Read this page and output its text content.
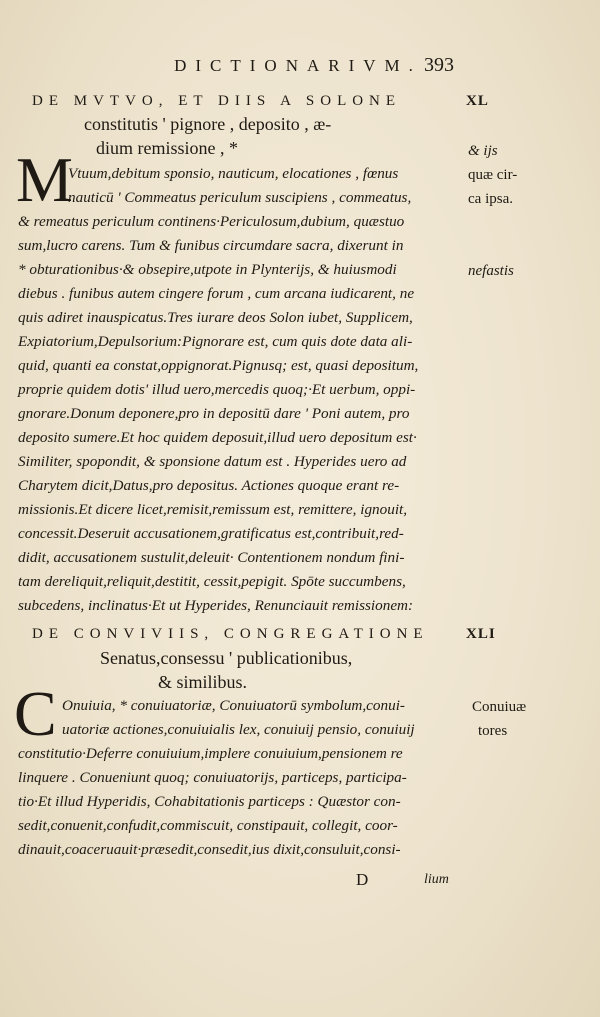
DICTIONARIVM. 393
DE MVTVO, ET DIIS A SOLONE	XL
constitutis ' pignore , deposito , æ-
dium remissione , *
M
Vtuum,debitum sponsio, nauticum, elocationes , fœnus
nauticū ' Commeatus periculum suscipiens , commeatus,
& remeatus periculum continens·Periculosum,dubium, quæstuo
sum,lucro carens. Tum & funibus circumdare sacra, dixerunt in
* obturationibus·& obsepire,utpote in Plynterijs, & huiusmodi
diebus . funibus autem cingere forum , cum arcana iudicarent, ne
quis adiret inauspicatus.Tres iurare deos Solon iubet, Supplicem,
Expiatorium,Depulsorium:Pignorare est, cum quis dote data ali-
quid, quanti ea constat,oppignorat.Pignusq; est, quasi depositum,
proprie quidem dotis' illud uero,mercedis quoq;·Et uerbum, oppi-
gnorare.Donum deponere,pro in depositū dare ' Poni autem, pro
deposito sumere.Et hoc quidem deposuit,illud uero depositum est·
Similiter, spopondit, & sponsione datum est . Hyperides uero ad
Charytem dicit,Datus,pro depositus. Actiones quoque erant re-
missionis.Et dicere licet,remisit,remissum est, remittere, ignouit,
concessit.Deseruit accusationem,gratificatus est,contribuit,red-
didit, accusationem sustulit,deleuit· Contentionem nondum fini-
tam dereliquit,reliquit,destitit, cessit,pepigit. Spōte succumbens,
subcedens, inclinatus·Et ut Hyperides, Renunciauit remissionem:
& ijs
quæ cir-
ca ipsa.
nefastis
DE CONVIVIIS, CONGREGATIONE	XLI
Senatus,consessu ' publicationibus,
& similibus.
C Onuiuia, * conuiuatoriæ, Conuiuatorū symbolum,conui-
uatoriæ actiones,conuiuialis lex, conuiuij pensio, conuiuij
constitutio·Deferre conuiuium,implere conuiuium,pensionem re
linquere . Conueniunt quoq; conuiuatorijs, particeps, participa-
tio·Et illud Hyperidis, Cohabitationis particeps : Quæstor con-
sedit,conuenit,confudit,commiscuit, constipauit, collegit, coor-
dinauit,coaceruauit·præsedit,consedit,ius dixit,consuluit,consi-
Conuiuæ
tores
D	lium
